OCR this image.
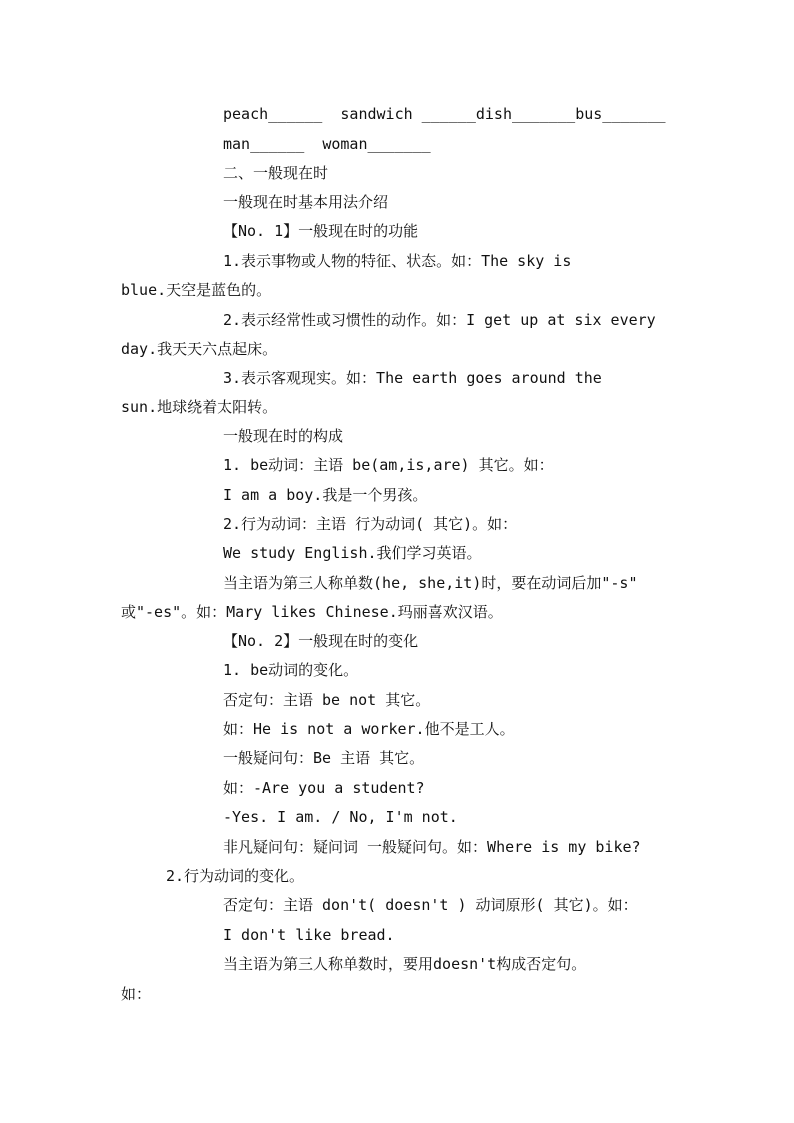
peach______  sandwich ______dish_______bus_______
man______  woman_______
二、一般现在时
一般现在时基本用法介绍
【No. 1】一般现在时的功能
1.表示事物或人物的特征、状态。如：The sky is
blue.天空是蓝色的。
2.表示经常性或习惯性的动作。如：I get up at six every
day.我天天六点起床。
3.表示客观现实。如：The earth goes around the
sun.地球绕着太阳转。
一般现在时的构成
1. be动词：主语 be(am,is,are) 其它。如：
I am a boy.我是一个男孩。
2.行为动词：主语 行为动词( 其它)。如：
We study English.我们学习英语。
当主语为第三人称单数(he, she,it)时，要在动词后加"-s"
或"-es"。如：Mary likes Chinese.玛丽喜欢汉语。
【No. 2】一般现在时的变化
1. be动词的变化。
否定句：主语 be not 其它。
如：He is not a worker.他不是工人。
一般疑问句：Be 主语 其它。
如：-Are you a student?
-Yes. I am. / No, I'm not.
非凡疑问句：疑问词 一般疑问句。如：Where is my bike?
2.行为动词的变化。
否定句：主语 don't( doesn't ) 动词原形( 其它)。如：
I don't like bread.
当主语为第三人称单数时，要用doesn't构成否定句。
如：
